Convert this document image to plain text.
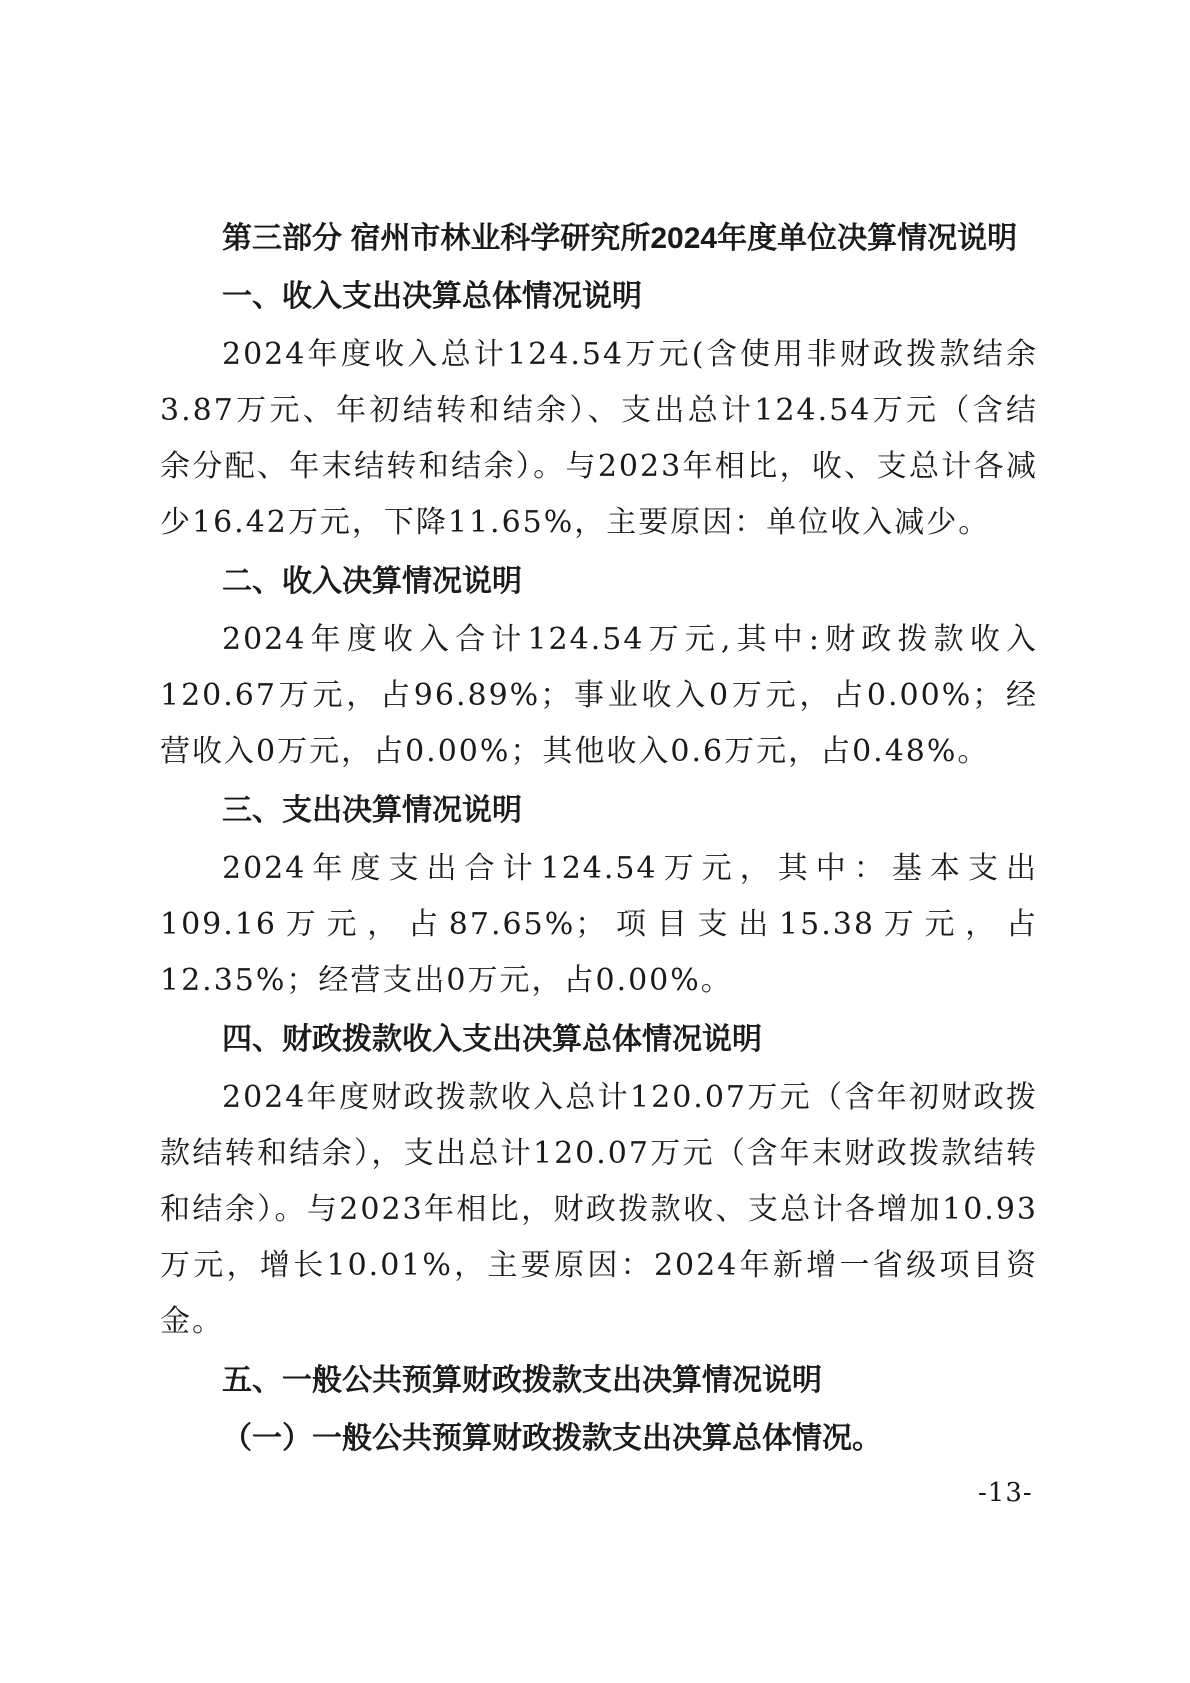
第三部分 宿州市林业科学研究所2024年度单位决算情况说明

一、收入支出决算总体情况说明

2024年度收入总计124.54万元(含使用非财政拨款结余3.87万元、年初结转和结余）、支出总计124.54万元（含结余分配、年末结转和结余）。与2023年相比，收、支总计各减少16.42万元，下降11.65%，主要原因：单位收入减少。

二、收入决算情况说明

2024年度收入合计124.54万元,其中:财政拨款收入120.67万元，占96.89%；事业收入0万元，占0.00%；经营收入0万元，占0.00%；其他收入0.6万元，占0.48%。

三、支出决算情况说明

2024年度支出合计124.54万元，其中：基本支出109.16万元，占87.65%；项目支出15.38万元，占12.35%；经营支出0万元，占0.00%。

四、财政拨款收入支出决算总体情况说明

2024年度财政拨款收入总计120.07万元（含年初财政拨款结转和结余），支出总计120.07万元（含年末财政拨款结转和结余）。与2023年相比，财政拨款收、支总计各增加10.93万元，增长10.01%，主要原因：2024年新增一省级项目资金。

五、一般公共预算财政拨款支出决算情况说明

（一）一般公共预算财政拨款支出决算总体情况。

-13-
